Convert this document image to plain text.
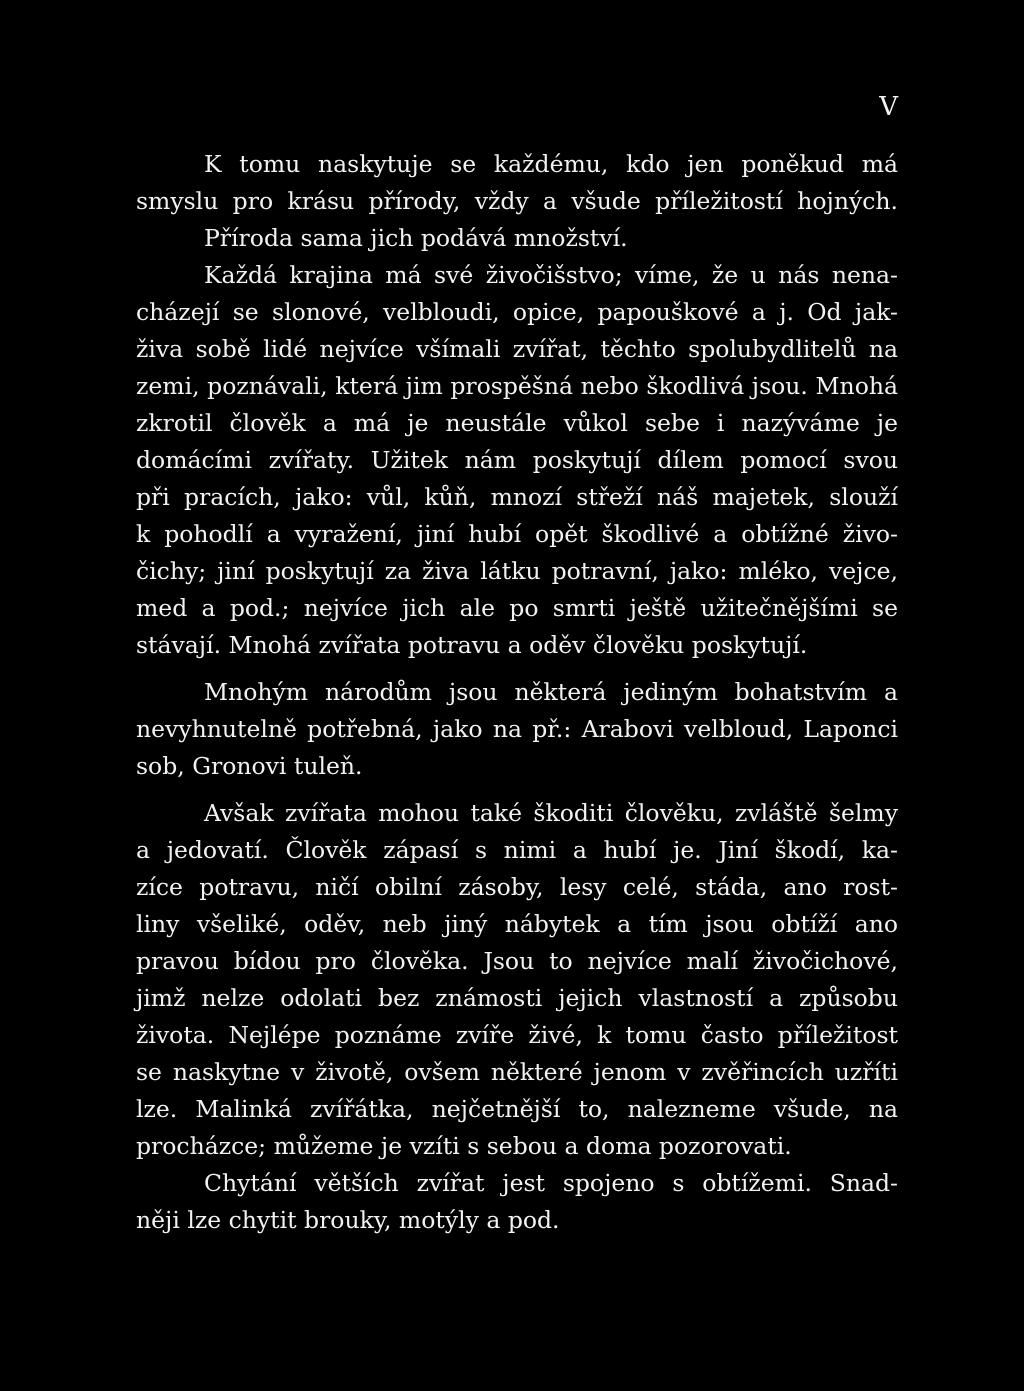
V
K tomu naskytuje se každému, kdo jen poněkud má
smyslu pro krásu přírody, vždy a všude příležitostí hojných.
Příroda sama jich podává množství.
Každá krajina má své živočišstvo; víme, že u nás nena-
cházejí se slonové, velbloudi, opice, papouškové a j. Od jak-
živa sobě lidé nejvíce všímali zvířat, těchto spolubydlitelů na
zemi, poznávali, která jim prospěšná nebo škodlivá jsou. Mnohá
zkrotil člověk a má je neustále vůkol sebe i nazýváme je
domácími zvířaty. Užitek nám poskytují dílem pomocí svou
při pracích, jako: vůl, kůň, mnozí střeží náš majetek, slouží
k pohodlí a vyražení, jiní hubí opět škodlivé a obtížné živo-
čichy; jiní poskytují za živa látku potravní, jako: mléko, vejce,
med a pod.; nejvíce jich ale po smrti ještě užitečnějšími se
stávají. Mnohá zvířata potravu a oděv člověku poskytují.
Mnohým národům jsou některá jediným bohatstvím a
nevyhnutelně potřebná, jako na př.: Arabovi velbloud, Laponci
sob, Gronovi tuleň.
Avšak zvířata mohou také škoditi člověku, zvláště šelmy
a jedovatí. Člověk zápasí s nimi a hubí je. Jiní škodí, ka-
zíce potravu, ničí obilní zásoby, lesy celé, stáda, ano rost-
liny všeliké, oděv, neb jiný nábytek a tím jsou obtíží ano
pravou bídou pro člověka. Jsou to nejvíce malí živočichové,
jimž nelze odolati bez známosti jejich vlastností a způsobu
života. Nejlépe poznáme zvíře živé, k tomu často příležitost
se naskytne v životě, ovšem některé jenom v zvěřincích uzříti
lze. Malinká zvířátka, nejčetnější to, nalezneme všude, na
procházce; můžeme je vzíti s sebou a doma pozorovati.
Chytání větších zvířat jest spojeno s obtížemi. Snad-
něji lze chytit brouky, motýly a pod.
